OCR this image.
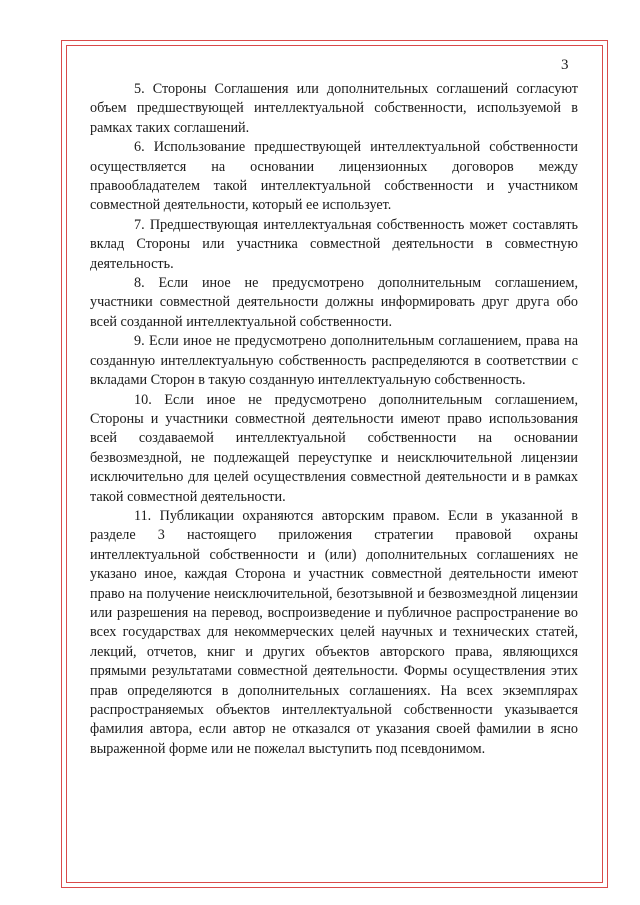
3

5. Стороны Соглашения или дополнительных соглашений согласуют объем предшествующей интеллектуальной собственности, используемой в рамках таких соглашений.

6. Использование предшествующей интеллектуальной собственности осуществляется на основании лицензионных договоров между правообладателем такой интеллектуальной собственности и участником совместной деятельности, который ее использует.

7. Предшествующая интеллектуальная собственность может составлять вклад Стороны или участника совместной деятельности в совместную деятельность.

8. Если иное не предусмотрено дополнительным соглашением, участники совместной деятельности должны информировать друг друга обо всей созданной интеллектуальной собственности.

9. Если иное не предусмотрено дополнительным соглашением, права на созданную интеллектуальную собственность распределяются в соответствии с вкладами Сторон в такую созданную интеллектуальную собственность.

10. Если иное не предусмотрено дополнительным соглашением, Стороны и участники совместной деятельности имеют право использования всей создаваемой интеллектуальной собственности на основании безвозмездной, не подлежащей переуступке и неисключительной лицензии исключительно для целей осуществления совместной деятельности и в рамках такой совместной деятельности.

11. Публикации охраняются авторским правом. Если в указанной в разделе 3 настоящего приложения стратегии правовой охраны интеллектуальной собственности и (или) дополнительных соглашениях не указано иное, каждая Сторона и участник совместной деятельности имеют право на получение неисключительной, безотзывной и безвозмездной лицензии или разрешения на перевод, воспроизведение и публичное распространение во всех государствах для некоммерческих целей научных и технических статей, лекций, отчетов, книг и других объектов авторского права, являющихся прямыми результатами совместной деятельности. Формы осуществления этих прав определяются в дополнительных соглашениях. На всех экземплярах распространяемых объектов интеллектуальной собственности указывается фамилия автора, если автор не отказался от указания своей фамилии в ясно выраженной форме или не пожелал выступить под псевдонимом.
